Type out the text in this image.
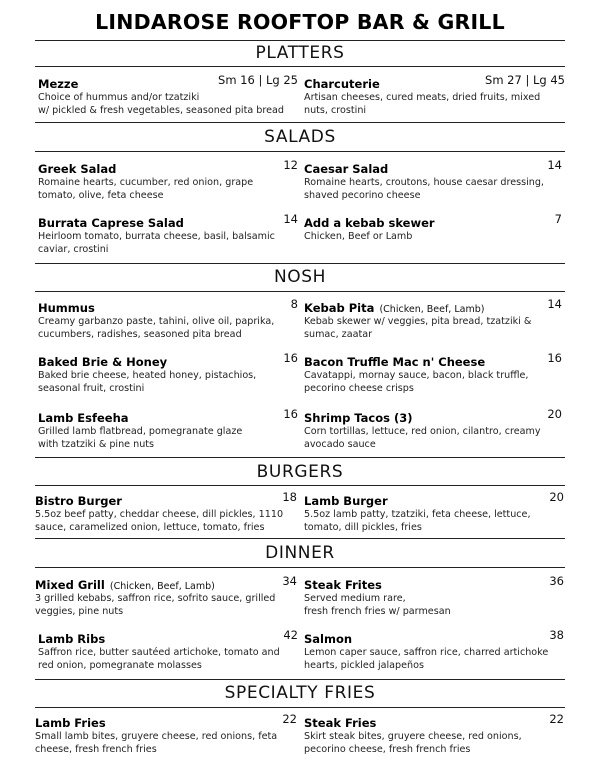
LINDAROSE ROOFTOP BAR & GRILL
PLATTERS
Mezze	Sm 16 | Lg 25
Choice of hummus and/or tzatziki
w/ pickled & fresh vegetables, seasoned pita bread
Charcuterie	Sm 27 | Lg 45
Artisan cheeses, cured meats, dried fruits, mixed
nuts, crostini
SALADS
Greek Salad	12
Romaine hearts, cucumber, red onion, grape
tomato, olive, feta cheese
Caesar Salad	14
Romaine hearts, croutons, house caesar dressing,
shaved pecorino cheese
Burrata Caprese Salad	14
Heirloom tomato, burrata cheese, basil, balsamic
caviar, crostini
Add a kebab skewer	7
Chicken, Beef or Lamb
NOSH
Hummus	8
Creamy garbanzo paste, tahini, olive oil, paprika,
cucumbers, radishes, seasoned pita bread
Kebab Pita (Chicken, Beef, Lamb)	14
Kebab skewer w/ veggies, pita bread, tzatziki &
sumac, zaatar
Baked Brie & Honey	16
Baked brie cheese, heated honey, pistachios,
seasonal fruit, crostini
Bacon Truffle Mac n' Cheese	16
Cavatappi, mornay sauce, bacon, black truffle,
pecorino cheese crisps
Lamb Esfeeha	16
Grilled lamb flatbread, pomegranate glaze
with tzatziki & pine nuts
Shrimp Tacos (3)	20
Corn tortillas, lettuce, red onion, cilantro, creamy
avocado sauce
BURGERS
Bistro Burger	18
5.5oz beef patty, cheddar cheese, dill pickles, 1110
sauce, caramelized onion, lettuce, tomato, fries
Lamb Burger	20
5.5oz lamb patty, tzatziki, feta cheese, lettuce,
tomato, dill pickles, fries
DINNER
Mixed Grill (Chicken, Beef, Lamb)	34
3 grilled kebabs, saffron rice, sofrito sauce, grilled
veggies, pine nuts
Steak Frites	36
Served medium rare,
fresh french fries w/ parmesan
Lamb Ribs	42
Saffron rice, butter sautéed artichoke, tomato and
red onion, pomegranate molasses
Salmon	38
Lemon caper sauce, saffron rice, charred artichoke
hearts, pickled jalapeños
SPECIALTY FRIES
Lamb Fries	22
Small lamb bites, gruyere cheese, red onions, feta
cheese, fresh french fries
Steak Fries	22
Skirt steak bites, gruyere cheese, red onions,
pecorino cheese, fresh french fries
